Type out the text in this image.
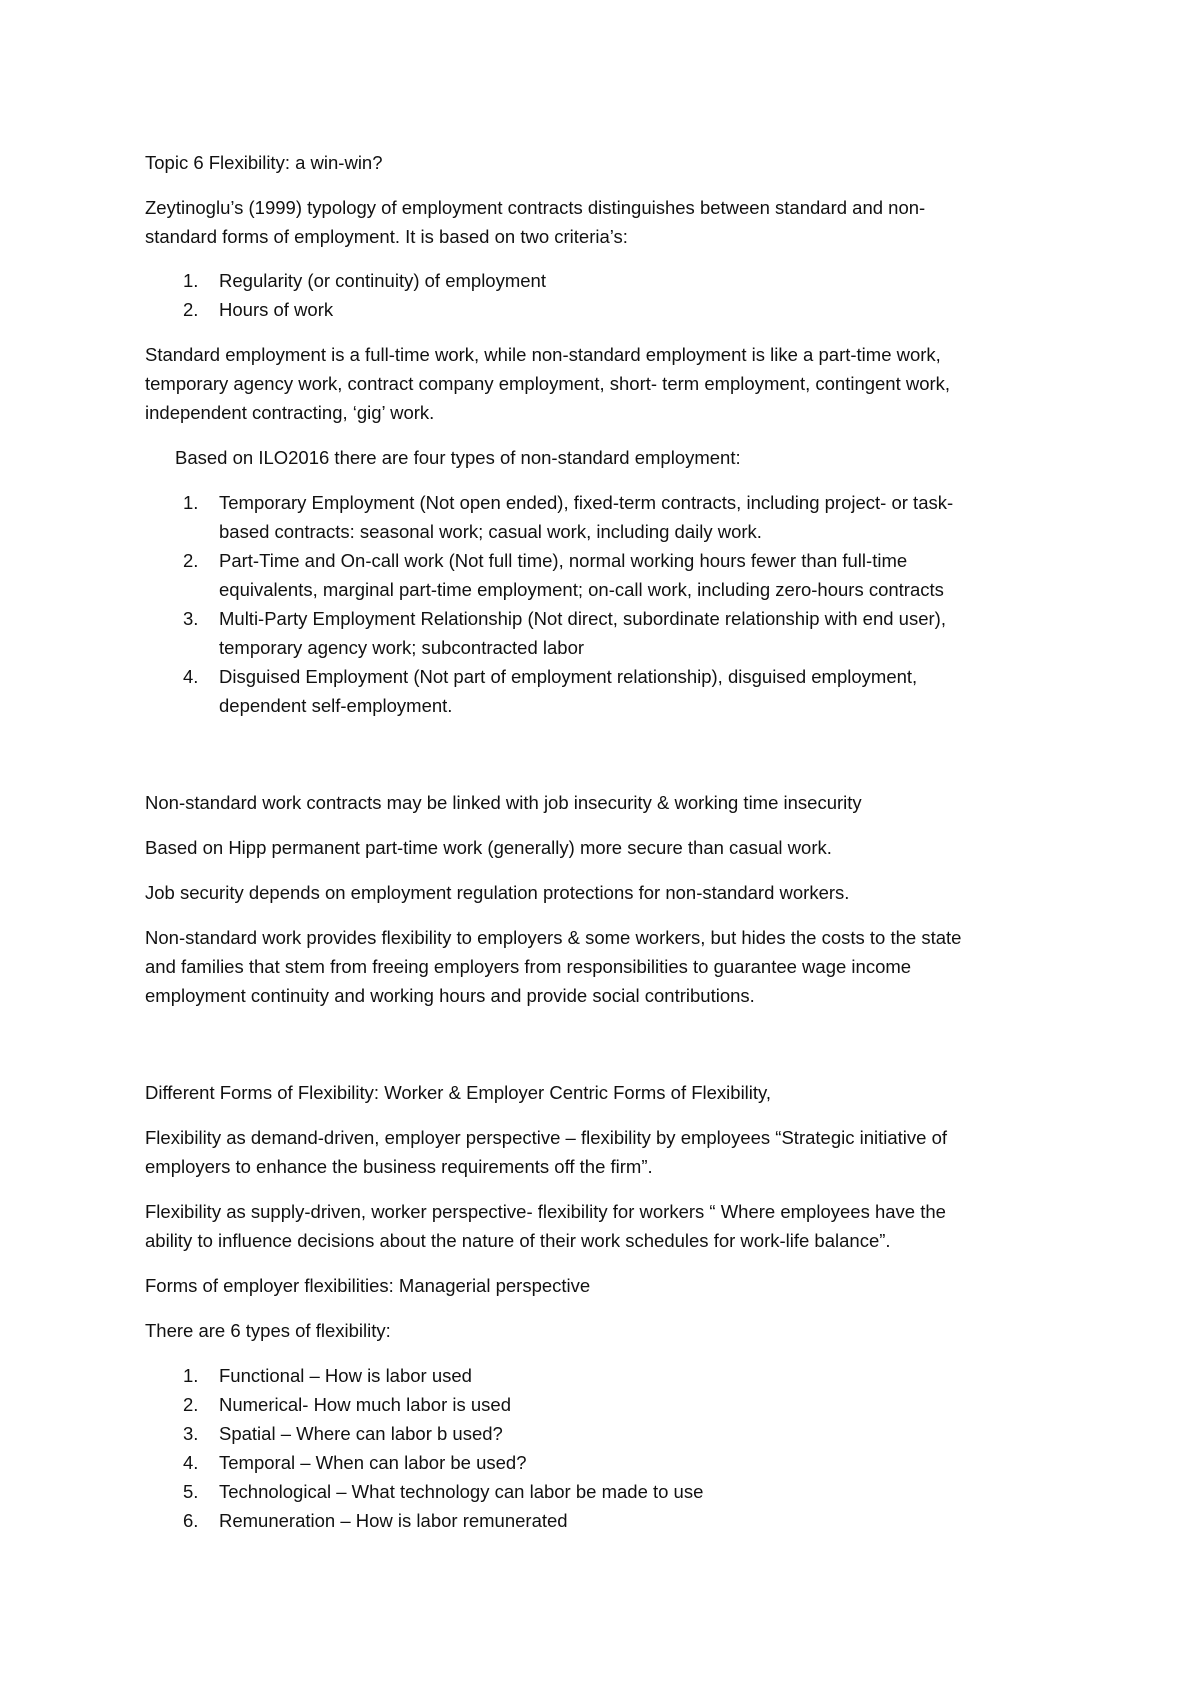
Topic 6 Flexibility: a win-win?
Zeytinoglu’s (1999) typology of employment contracts distinguishes between standard and non-
standard forms of employment. It is based on two criteria’s:
1. Regularity (or continuity) of employment
2. Hours of work
Standard employment is a full-time work, while non-standard employment is like a part-time work,
temporary agency work, contract company employment, short- term employment, contingent work,
independent contracting, ‘gig’ work.
Based on ILO2016 there are four types of non-standard employment:
1. Temporary Employment (Not open ended), fixed-term contracts, including project- or task-
based contracts: seasonal work; casual work, including daily work.
2. Part-Time and On-call work (Not full time), normal working hours fewer than full-time
equivalents, marginal part-time employment; on-call work, including zero-hours contracts
3. Multi-Party Employment Relationship (Not direct, subordinate relationship with end user),
temporary agency work; subcontracted labor
4. Disguised Employment (Not part of employment relationship), disguised employment,
dependent self-employment.
Non-standard work contracts may be linked with job insecurity & working time insecurity
Based on Hipp permanent part-time work (generally) more secure than casual work.
Job security depends on employment regulation protections for non-standard workers.
Non-standard work provides flexibility to employers & some workers, but hides the costs to the state
and families that stem from freeing employers from responsibilities to guarantee wage income
employment continuity and working hours and provide social contributions.
Different Forms of Flexibility: Worker & Employer Centric Forms of Flexibility,
Flexibility as demand-driven, employer perspective – flexibility by employees “Strategic initiative of
employers to enhance the business requirements off the firm”.
Flexibility as supply-driven, worker perspective- flexibility for workers “ Where employees have the
ability to influence decisions about the nature of their work schedules for work-life balance”.
Forms of employer flexibilities: Managerial perspective
There are 6 types of flexibility:
1. Functional – How is labor used
2. Numerical- How much labor is used
3. Spatial – Where can labor b used?
4. Temporal – When can labor be used?
5. Technological – What technology can labor be made to use
6. Remuneration – How is labor remunerated
